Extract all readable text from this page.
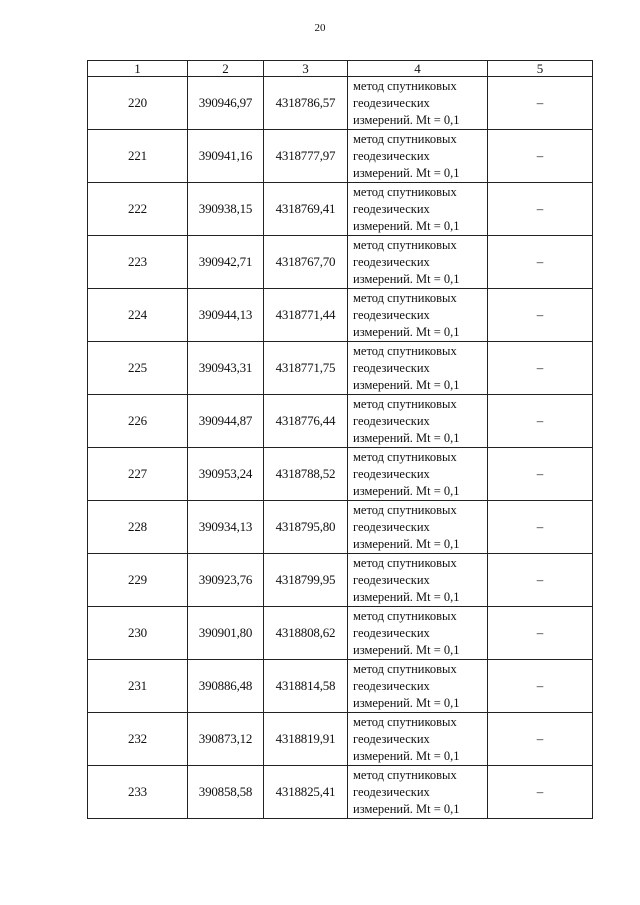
20
1	2	3	4	5
220	390946,97	4318786,57	метод спутниковых
геодезических
измерений. Mt = 0,1	–
221	390941,16	4318777,97	метод спутниковых
геодезических
измерений. Mt = 0,1	–
222	390938,15	4318769,41	метод спутниковых
геодезических
измерений. Mt = 0,1	–
223	390942,71	4318767,70	метод спутниковых
геодезических
измерений. Mt = 0,1	–
224	390944,13	4318771,44	метод спутниковых
геодезических
измерений. Mt = 0,1	–
225	390943,31	4318771,75	метод спутниковых
геодезических
измерений. Mt = 0,1	–
226	390944,87	4318776,44	метод спутниковых
геодезических
измерений. Mt = 0,1	–
227	390953,24	4318788,52	метод спутниковых
геодезических
измерений. Mt = 0,1	–
228	390934,13	4318795,80	метод спутниковых
геодезических
измерений. Mt = 0,1	–
229	390923,76	4318799,95	метод спутниковых
геодезических
измерений. Mt = 0,1	–
230	390901,80	4318808,62	метод спутниковых
геодезических
измерений. Mt = 0,1	–
231	390886,48	4318814,58	метод спутниковых
геодезических
измерений. Mt = 0,1	–
232	390873,12	4318819,91	метод спутниковых
геодезических
измерений. Mt = 0,1	–
233	390858,58	4318825,41	метод спутниковых
геодезических
измерений. Mt = 0,1	–
